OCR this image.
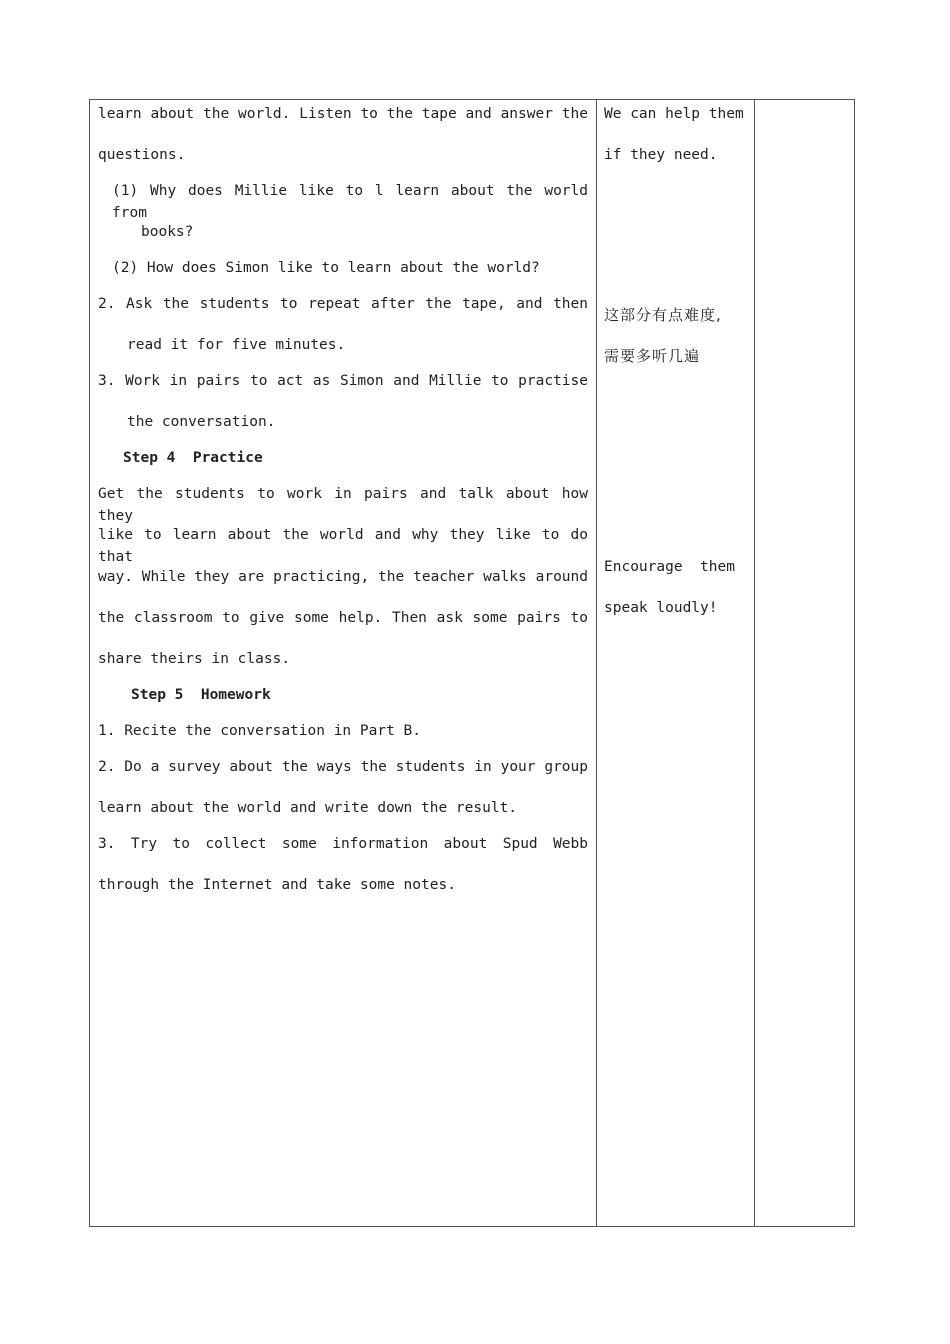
learn about the world. Listen to the tape and answer the
questions.
(1) Why does Millie like to l learn about the world from
books?
(2) How does Simon like to learn about the world?
2. Ask the students to repeat after the tape, and then
read it for five minutes.
3. Work in pairs to act as Simon and Millie to practise
the conversation.
Step 4  Practice
Get the students to work in pairs and talk about how they
like to learn about the world and why they like to do that
way. While they are practicing, the teacher walks around
the classroom to give some help. Then ask some pairs to
share theirs in class.
Step 5  Homework
1. Recite the conversation in Part B.
2. Do a survey about the ways the students in your group
learn about the world and write down the result.
3. Try to collect some information about Spud Webb
through the Internet and take some notes.
We can help them
if they need.
这部分有点难度,
需要多听几遍
Encourage  them
speak loudly!
